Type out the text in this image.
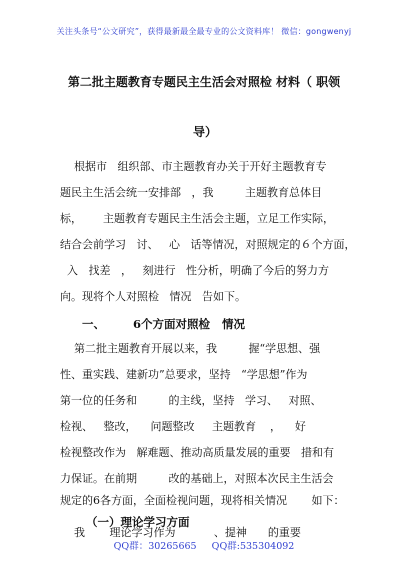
关注头条号“公文研究”，获得最新最全最专业的公文资料库！ 微信：gongwenyj
第二批主题教育专题民主生活会对照检 材料（ 职领
导）
根据市   组织部、市主题教育办关于开好主题教育专
题民主生活会统一安排部   ，我         主题教育总体目
标，      主题教育专题民主生活会主题，立足工作实际，
结合会前学习   讨、   心   话等情况，对照规定的６个方面，
入   找差   ，   刻进行   性分析，明确了今后的努力方
向。现将个人对照检   情况   告如下。
一、       6个方面对照检   情况
第二批主题教育开展以来，我         握“学思想、强
性、重实践、建新功”总要求，坚持   “学思想”作为
第一位的任务和         的主线，坚持   学习、   对照、
检视、   整改，    问题整改     主题教育    ，    好
检视整改作为   解难题、推动高质量发展的重要   措和有
力保证。在前期         改的基础上，对照本次民主生活会
规定的6各方面，全面检视问题，现将相关情况       如下：
（一）理论学习方面
我       理论学习作为           、提神      的重要
QQ群：30265665     QQ群:535304092
